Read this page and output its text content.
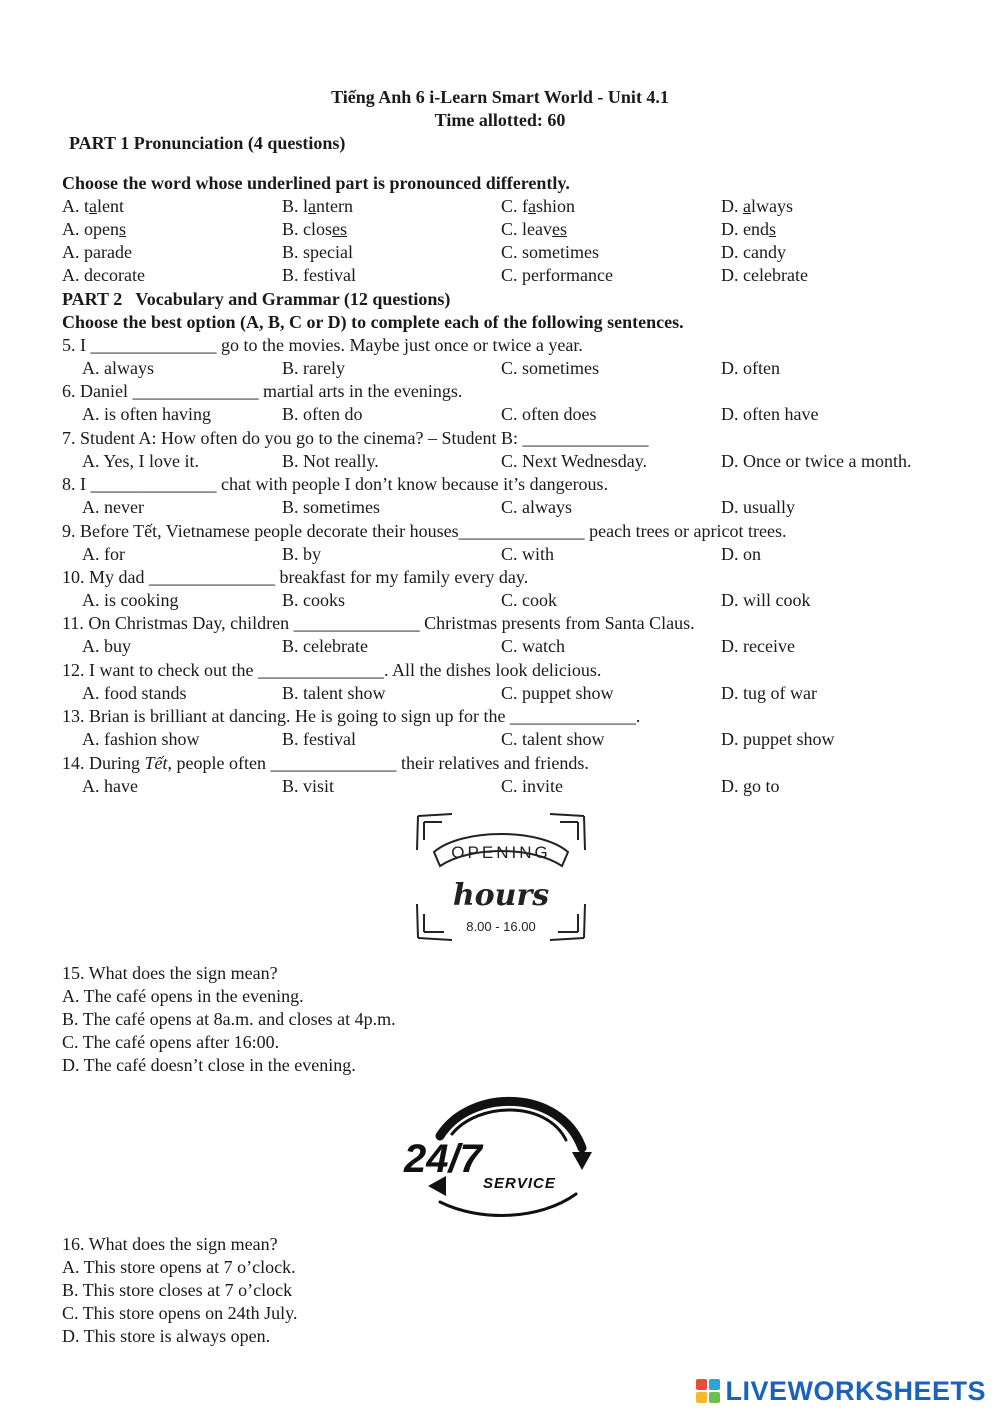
Tiếng Anh 6 i-Learn Smart World - Unit 4.1
Time allotted: 60
PART 1 Pronunciation (4 questions)
Choose the word whose underlined part is pronounced differently.
A. talent	B. lantern	C. fashion	D. always
A. opens	B. closes	C. leaves	D. ends
A. parade	B. special	C. sometimes	D. candy
A. decorate	B. festival	C. performance	D. celebrate
PART 2   Vocabulary and Grammar (12 questions)
Choose the best option (A, B, C or D) to complete each of the following sentences.
5. I ______________ go to the movies. Maybe just once or twice a year.
A. always	B. rarely	C. sometimes	D. often
6. Daniel ______________ martial arts in the evenings.
A. is often having	B. often do	C. often does	D. often have
7. Student A: How often do you go to the cinema? – Student B: ______________
A. Yes, I love it.	B. Not really.	C. Next Wednesday.	D. Once or twice a month.
8. I ______________ chat with people I don’t know because it’s dangerous.
A. never	B. sometimes	C. always	D. usually
9. Before Tết, Vietnamese people decorate their houses______________ peach trees or apricot trees.
A. for	B. by	C. with	D. on
10. My dad ______________ breakfast for my family every day.
A. is cooking	B. cooks	C. cook	D. will cook
11. On Christmas Day, children ______________ Christmas presents from Santa Claus.
A. buy	B. celebrate	C. watch	D. receive
12. I want to check out the ______________. All the dishes look delicious.
A. food stands	B. talent show	C. puppet show	D. tug of war
13. Brian is brilliant at dancing. He is going to sign up for the ______________.
A. fashion show	B. festival	C. talent show	D. puppet show
14. During Tết, people often ______________ their relatives and friends.
A. have	B. visit	C. invite	D. go to
OPENING
hours
8.00 - 16.00
15. What does the sign mean?
A. The café opens in the evening.
B. The café opens at 8a.m. and closes at 4p.m.
C. The café opens after 16:00.
D. The café doesn’t close in the evening.
24/7
SERVICE
16. What does the sign mean?
A. This store opens at 7 o’clock.
B. This store closes at 7 o’clock
C. This store opens on 24th July.
D. This store is always open.
LIVEWORKSHEETS
